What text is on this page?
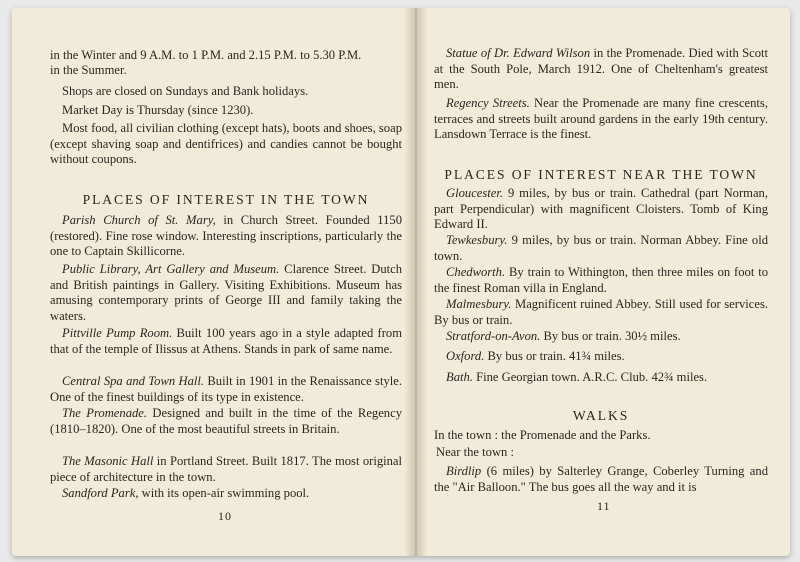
in the Winter and 9 A.M. to 1 P.M. and 2.15 P.M. to 5.30 P.M.
in the Summer.
Shops are closed on Sundays and Bank holidays.
Market Day is Thursday (since 1230).
Most food, all civilian clothing (except hats), boots and shoes, soap (except shaving soap and dentifrices) and candies cannot be bought without coupons.
PLACES OF INTEREST IN THE TOWN
Parish Church of St. Mary, in Church Street. Founded 1150 (restored). Fine rose window. Interesting inscriptions, particularly the one to Captain Skillicorne.
Public Library, Art Gallery and Museum. Clarence Street. Dutch and British paintings in Gallery. Visiting Exhibitions. Museum has amusing contemporary prints of George III and family taking the waters.
Pittville Pump Room. Built 100 years ago in a style adapted from that of the temple of Ilissus at Athens. Stands in park of same name.
Central Spa and Town Hall. Built in 1901 in the Renaissance style. One of the finest buildings of its type in existence.
The Promenade. Designed and built in the time of the Regency (1810–1820). One of the most beautiful streets in Britain.
The Masonic Hall in Portland Street. Built 1817. The most original piece of architecture in the town.
Sandford Park, with its open-air swimming pool.
10
Statue of Dr. Edward Wilson in the Promenade. Died with Scott at the South Pole, March 1912. One of Cheltenham's greatest men.
Regency Streets. Near the Promenade are many fine crescents, terraces and streets built around gardens in the early 19th century. Lansdown Terrace is the finest.
PLACES OF INTEREST NEAR THE TOWN
Gloucester. 9 miles, by bus or train. Cathedral (part Norman, part Perpendicular) with magnificent Cloisters. Tomb of King Edward II.
Tewkesbury. 9 miles, by bus or train. Norman Abbey. Fine old town.
Chedworth. By train to Withington, then three miles on foot to the finest Roman villa in England.
Malmesbury. Magnificent ruined Abbey. Still used for services. By bus or train.
Stratford-on-Avon. By bus or train. 30½ miles.
Oxford. By bus or train. 41¾ miles.
Bath. Fine Georgian town. A.R.C. Club. 42¾ miles.
WALKS
In the town : the Promenade and the Parks.
Near the town :
Birdlip (6 miles) by Salterley Grange, Coberley Turning and the "Air Balloon." The bus goes all the way and it is
11
